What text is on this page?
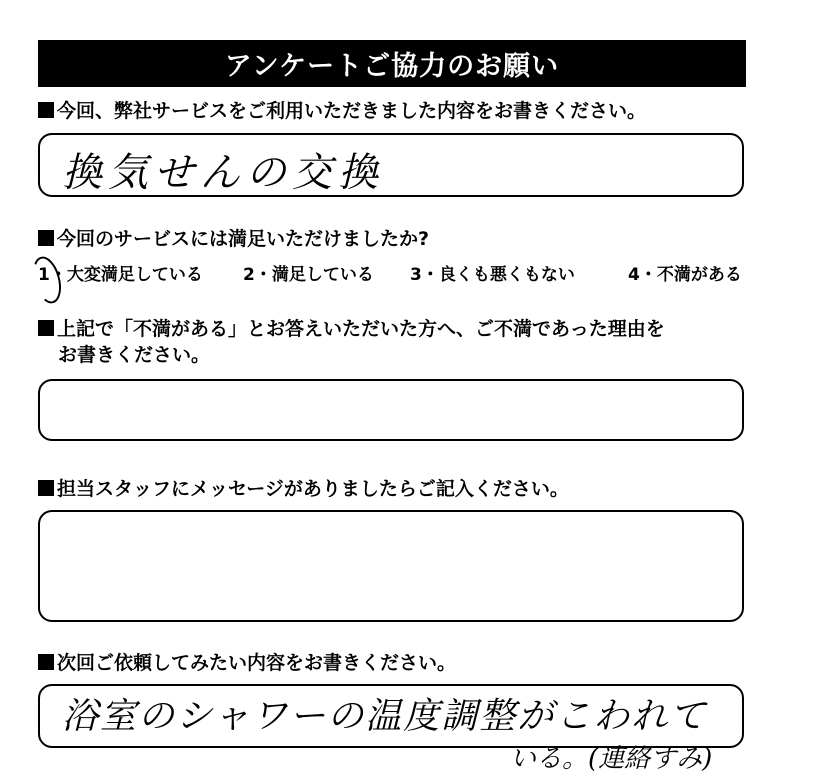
アンケートご協力のお願い
今回、弊社サービスをご利用いただきました内容をお書きください。
換気せんの交換
今回のサービスには満足いただけましたか?
1・大変満足している 2・満足している 3・良くも悪くもない	4・不満がある
上記で「不満がある」とお答えいただいた方へ、ご不満であった理由を
お書きください。
担当スタッフにメッセージがありましたらご記入ください。
次回ご依頼してみたい内容をお書きください。
浴室のシャワーの温度調整がこわれて
いる。(連絡すみ)
